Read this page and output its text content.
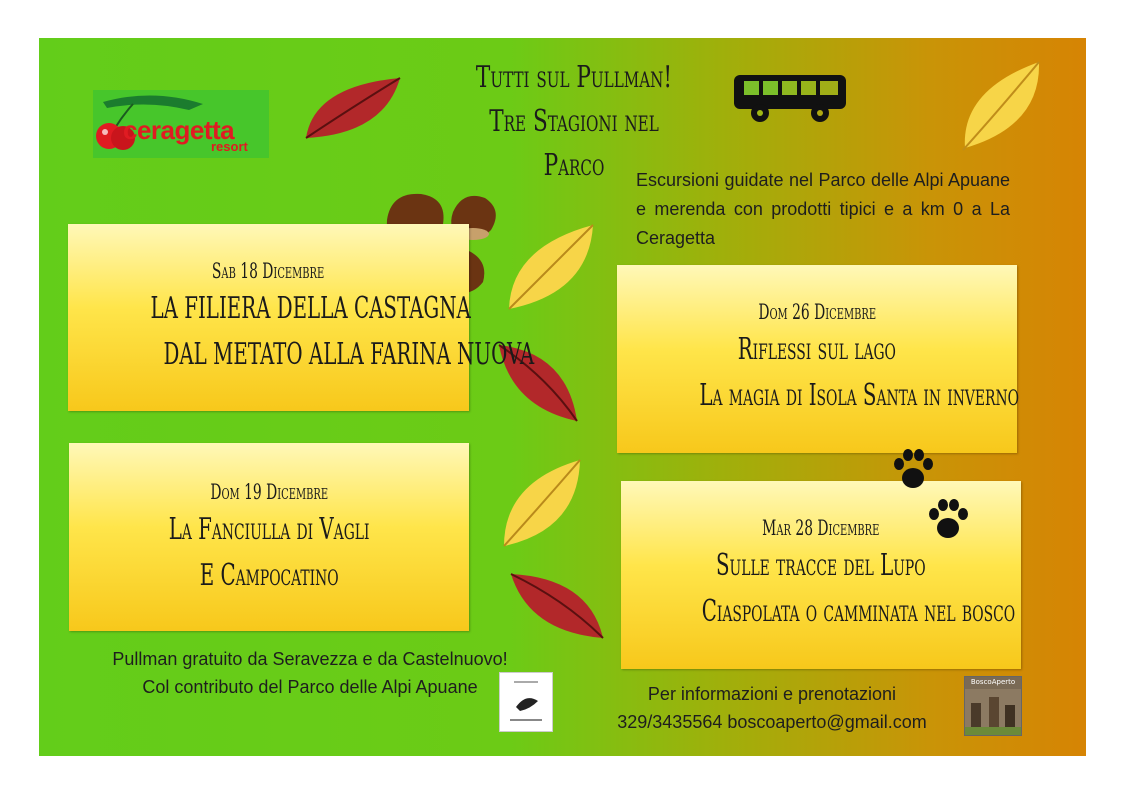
Tutti sul Pullman!
Tre Stagioni nel Parco
ceragetta
resort
Escursioni guidate nel Parco delle Alpi Apuane e merenda con prodotti tipici e a km 0 a La Ceragetta
Sab 18 Dicembre
LA FILIERA DELLA CASTAGNA
DAL METATO ALLA FARINA NUOVA
Dom 26 Dicembre
Riflessi sul lago
La magia di Isola Santa in inverno
Dom 19 Dicembre
La Fanciulla di Vagli
E Campocatino
Mar 28 Dicembre
Sulle tracce del Lupo
Ciaspolata o camminata nel bosco
Pullman gratuito da Seravezza e da Castelnuovo!
Col contributo del Parco delle Alpi Apuane	Per informazioni e prenotazioni
329/3435564 boscoaperto@gmail.com
BoscoAperto
